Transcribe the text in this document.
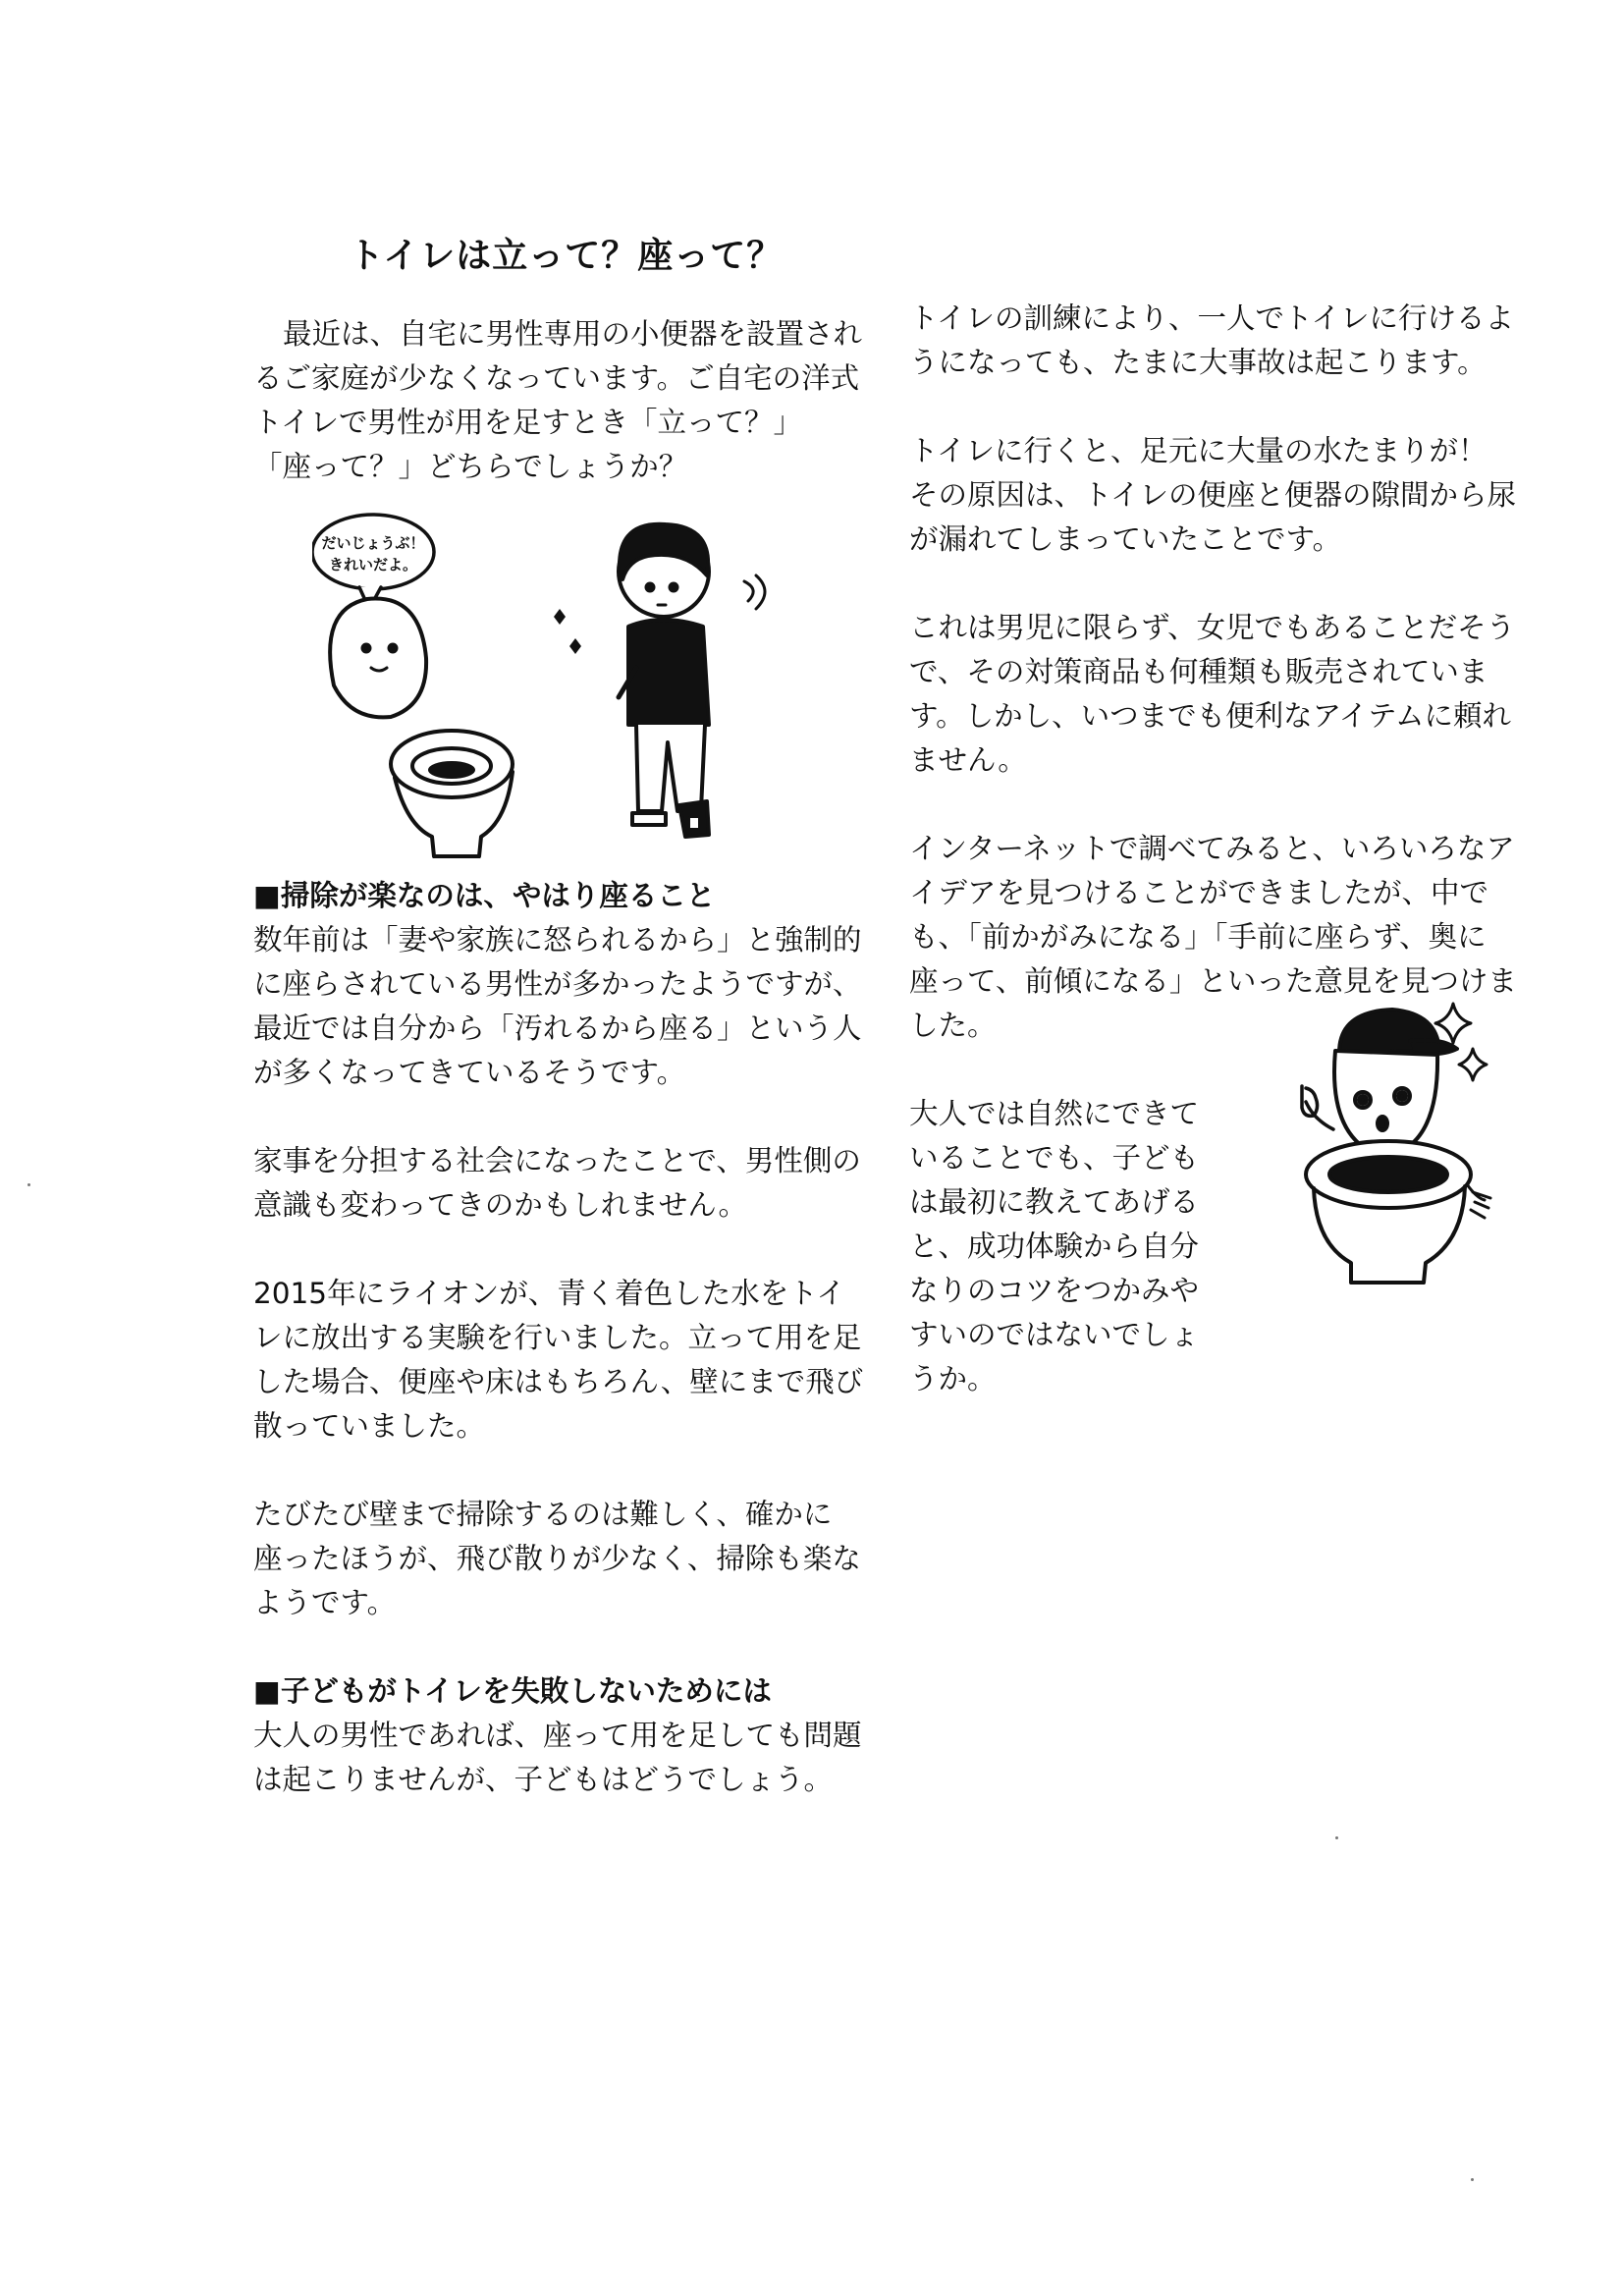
トイレは立って？座って？
最近は、自宅に男性専用の小便器を設置され
るご家庭が少なくなっています。ご自宅の洋式
トイレで男性が用を足すとき「立って？」
「座って？」どちらでしょうか？
■掃除が楽なのは、やはり座ること
数年前は「妻や家族に怒られるから」と強制的
に座らされている男性が多かったようですが、
最近では自分から「汚れるから座る」という人
が多くなってきているそうです。
家事を分担する社会になったことで、男性側の
意識も変わってきのかもしれません。
2015年にライオンが、青く着色した水をトイ
レに放出する実験を行いました。立って用を足
した場合、便座や床はもちろん、壁にまで飛び
散っていました。
たびたび壁まで掃除するのは難しく、確かに
座ったほうが、飛び散りが少なく、掃除も楽な
ようです。
■子どもがトイレを失敗しないためには
大人の男性であれば、座って用を足しても問題
は起こりませんが、子どもはどうでしょう。
トイレの訓練により、一人でトイレに行けるよ
うになっても、たまに大事故は起こります。
トイレに行くと、足元に大量の水たまりが！
その原因は、トイレの便座と便器の隙間から尿
が漏れてしまっていたことです。
これは男児に限らず、女児でもあることだそう
で、その対策商品も何種類も販売されていま
す。しかし、いつまでも便利なアイテムに頼れ
ません。
インターネットで調べてみると、いろいろなア
イデアを見つけることができましたが、中で
も、「前かがみになる」「手前に座らず、奥に
座って、前傾になる」といった意見を見つけま
した。
大人では自然にできて
いることでも、子ども
は最初に教えてあげる
と、成功体験から自分
なりのコツをつかみや
すいのではないでしょ
うか。
だいじょうぶ！
きれいだよ。
